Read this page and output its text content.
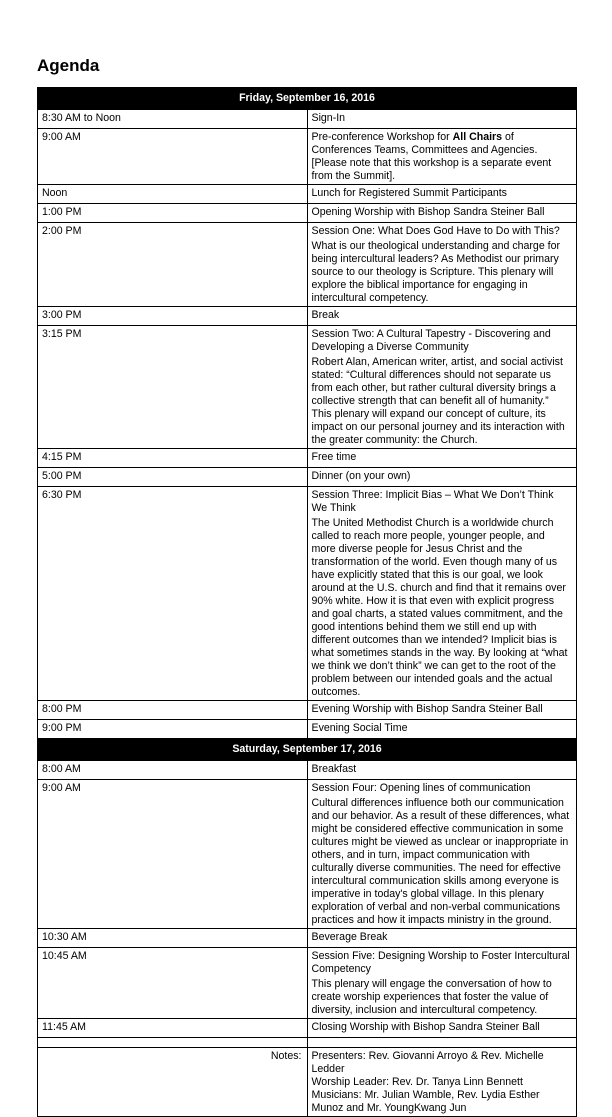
Agenda
Friday, September 16, 2016	
8:30 AM to Noon	Sign-In

9:00 AM	Pre-conference Workshop for All Chairs of Conferences Teams, Committees and Agencies. [Please note that this workshop is a separate event from the Summit].
Noon	Lunch for Registered Summit Participants

1:00 PM	Opening Worship with Bishop Sandra Steiner Ball

2:00 PM	Session One: What Does God Have to Do with This?
What is our theological understanding and charge for being intercultural leaders? As Methodist our primary source to our theology is Scripture. This plenary will explore the biblical importance for engaging in intercultural competency.

3:00 PM	Break

3:15 PM	Session Two: A Cultural Tapestry - Discovering and Developing a Diverse Community
Robert Alan, American writer, artist, and social activist stated: “Cultural differences should not separate us from each other, but rather cultural diversity brings a collective strength that can benefit all of humanity.” This plenary will expand our concept of culture, its impact on our personal journey and its interaction with the greater community: the Church.

4:15 PM	Free time

5:00 PM	Dinner (on your own)

6:30 PM	Session Three: Implicit Bias – What We Don’t Think We Think
The United Methodist Church is a worldwide church called to reach more people, younger people, and more diverse people for Jesus Christ and the transformation of the world. Even though many of us have explicitly stated that this is our goal, we look around at the U.S. church and find that it remains over 90% white. How it is that even with explicit progress and goal charts, a stated values commitment, and the good intentions behind them we still end up with different outcomes than we intended? Implicit bias is what sometimes stands in the way. By looking at “what we think we don’t think” we can get to the root of the problem between our intended goals and the actual outcomes.

8:00 PM	Evening Worship with Bishop Sandra Steiner Ball

9:00 PM	Evening Social Time

Saturday, September 17, 2016	
8:00 AM	Breakfast

9:00 AM	Session Four: Opening lines of communication
Cultural differences influence both our communication and our behavior. As a result of these differences, what might be considered effective communication in some cultures might be viewed as unclear or inappropriate in others, and in turn, impact communication with culturally diverse communities. The need for effective intercultural communication skills among everyone is imperative in today's global village. In this plenary exploration of verbal and non-verbal communications practices and how it impacts ministry in the ground.

10:30 AM	Beverage Break

10:45 AM	Session Five: Designing Worship to Foster Intercultural Competency
This plenary will engage the conversation of how to create worship experiences that foster the value of diversity, inclusion and intercultural competency.

11:45 AM	Closing Worship with Bishop Sandra Steiner Ball

Notes:	Presenters: Rev. Giovanni Arroyo & Rev. Michelle Ledder
Worship Leader: Rev. Dr. Tanya Linn Bennett
Musicians: Mr. Julian Wamble, Rev. Lydia Esther Munoz and Mr. YoungKwang Jun
